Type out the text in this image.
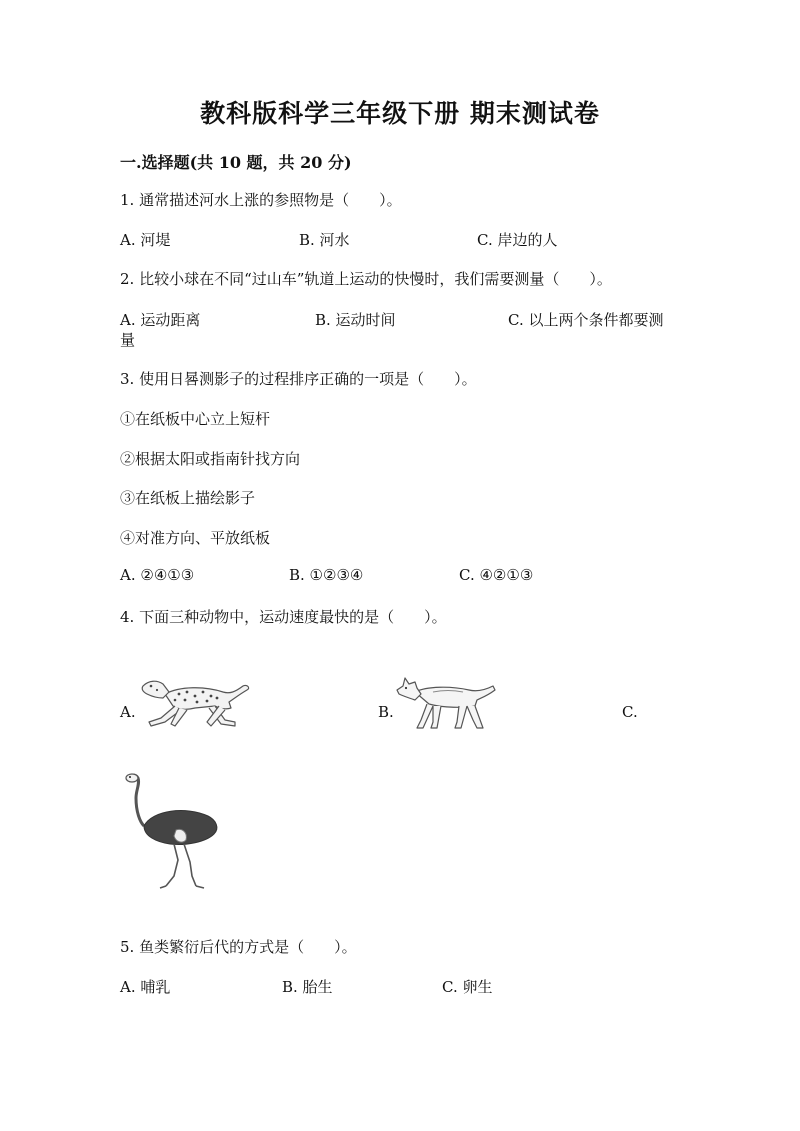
教科版科学三年级下册 期末测试卷
一.选择题(共 10 题，共 20 分)
1. 通常描述河水上涨的参照物是（　　）。
A. 河堤	B. 河水	C. 岸边的人
2. 比较小球在不同“过山车”轨道上运动的快慢时，我们需要测量（　　）。
A. 运动距离	B. 运动时间	C. 以上两个条件都要测
量
3. 使用日晷测影子的过程排序正确的一项是（　　）。
①在纸板中心立上短杆
②根据太阳或指南针找方向
③在纸板上描绘影子
④对准方向、平放纸板
A. ②④①③	B. ①②③④	C. ④②①③
4. 下面三种动物中，运动速度最快的是（　　）。
A.	B.	C.
5. 鱼类繁衍后代的方式是（　　）。
A. 哺乳	B. 胎生	C. 卵生
